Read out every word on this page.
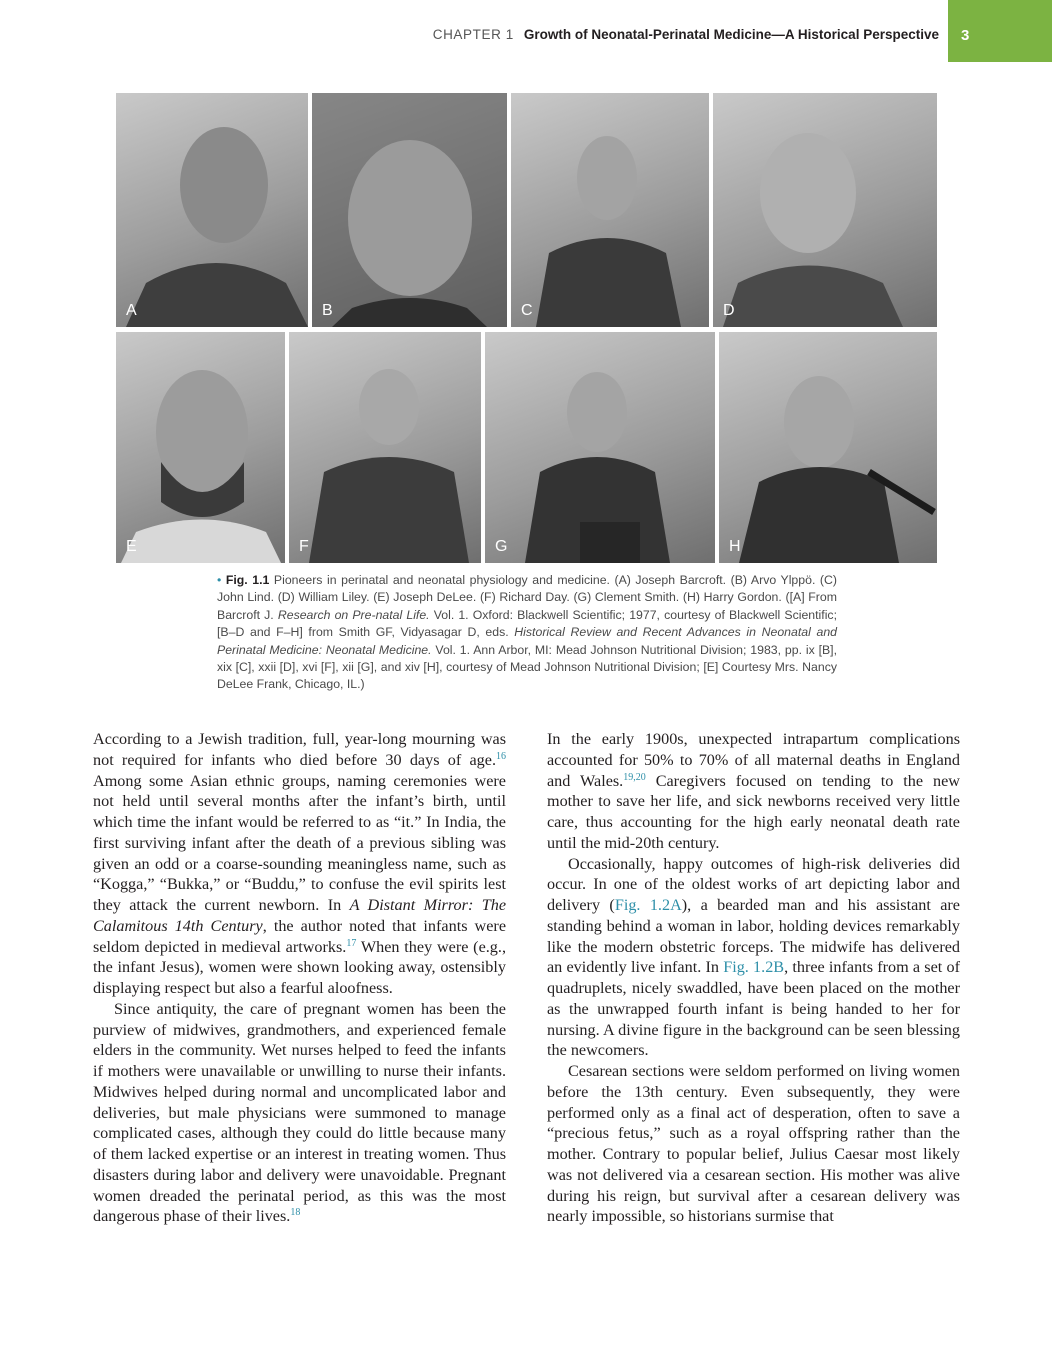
CHAPTER 1 Growth of Neonatal-Perinatal Medicine—A Historical Perspective 3
A	B	C	D
E	F	G	H
• Fig. 1.1 Pioneers in perinatal and neonatal physiology and medicine. (A) Joseph Barcroft. (B) Arvo Ylppö. (C) John Lind. (D) William Liley. (E) Joseph DeLee. (F) Richard Day. (G) Clement Smith. (H) Harry Gordon. ([A] From Barcroft J. Research on Pre-natal Life. Vol. 1. Oxford: Blackwell Scientific; 1977, courtesy of Blackwell Scientific; [B–D and F–H] from Smith GF, Vidyasagar D, eds. Historical Review and Recent Advances in Neonatal and Perinatal Medicine: Neonatal Medicine. Vol. 1. Ann Arbor, MI: Mead Johnson Nutritional Division; 1983, pp. ix [B], xix [C], xxii [D], xvi [F], xii [G], and xiv [H], courtesy of Mead Johnson Nutritional Division; [E] Courtesy Mrs. Nancy DeLee Frank, Chicago, IL.)

According to a Jewish tradition, full, year-long mourning was not required for infants who died before 30 days of age.$^{16}$ Among some Asian ethnic groups, naming ceremonies were not held until several months after the infant’s birth, until which time the infant would be referred to as “it.” In India, the first surviving infant after the death of a previous sibling was given an odd or a coarse-sounding meaningless name, such as “Kogga,” “Bukka,” or “Buddu,” to confuse the evil spirits lest they attack the current newborn. In A Distant Mirror: The Calamitous 14th Century, the author noted that infants were seldom depicted in medieval artworks.$^{17}$ When they were (e.g., the infant Jesus), women were shown looking away, ostensibly displaying respect but also a fearful aloofness.

Since antiquity, the care of pregnant women has been the purview of midwives, grandmothers, and experienced female elders in the community. Wet nurses helped to feed the infants if mothers were unavailable or unwilling to nurse their infants. Midwives helped during normal and uncomplicated labor and deliveries, but male physicians were summoned to manage complicated cases, although they could do little because many of them lacked expertise or an interest in treating women. Thus disasters during labor and delivery were unavoidable. Pregnant women dreaded the perinatal period, as this was the most dangerous phase of their lives.$^{18}$

In the early 1900s, unexpected intrapartum complications accounted for 50% to 70% of all maternal deaths in England and Wales.$^{19,20}$ Caregivers focused on tending to the new mother to save her life, and sick newborns received very little care, thus accounting for the high early neonatal death rate until the mid-20th century.

Occasionally, happy outcomes of high-risk deliveries did occur. In one of the oldest works of art depicting labor and delivery (Fig. 1.2A), a bearded man and his assistant are standing behind a woman in labor, holding devices remarkably like the modern obstetric forceps. The midwife has delivered an evidently live infant. In Fig. 1.2B, three infants from a set of quadruplets, nicely swaddled, have been placed on the mother as the unwrapped fourth infant is being handed to her for nursing. A divine figure in the background can be seen blessing the newcomers.

Cesarean sections were seldom performed on living women before the 13th century. Even subsequently, they were performed only as a final act of desperation, often to save a “precious fetus,” such as a royal offspring rather than the mother. Contrary to popular belief, Julius Caesar most likely was not delivered via a cesarean section. His mother was alive during his reign, but survival after a cesarean delivery was nearly impossible, so historians surmise that
